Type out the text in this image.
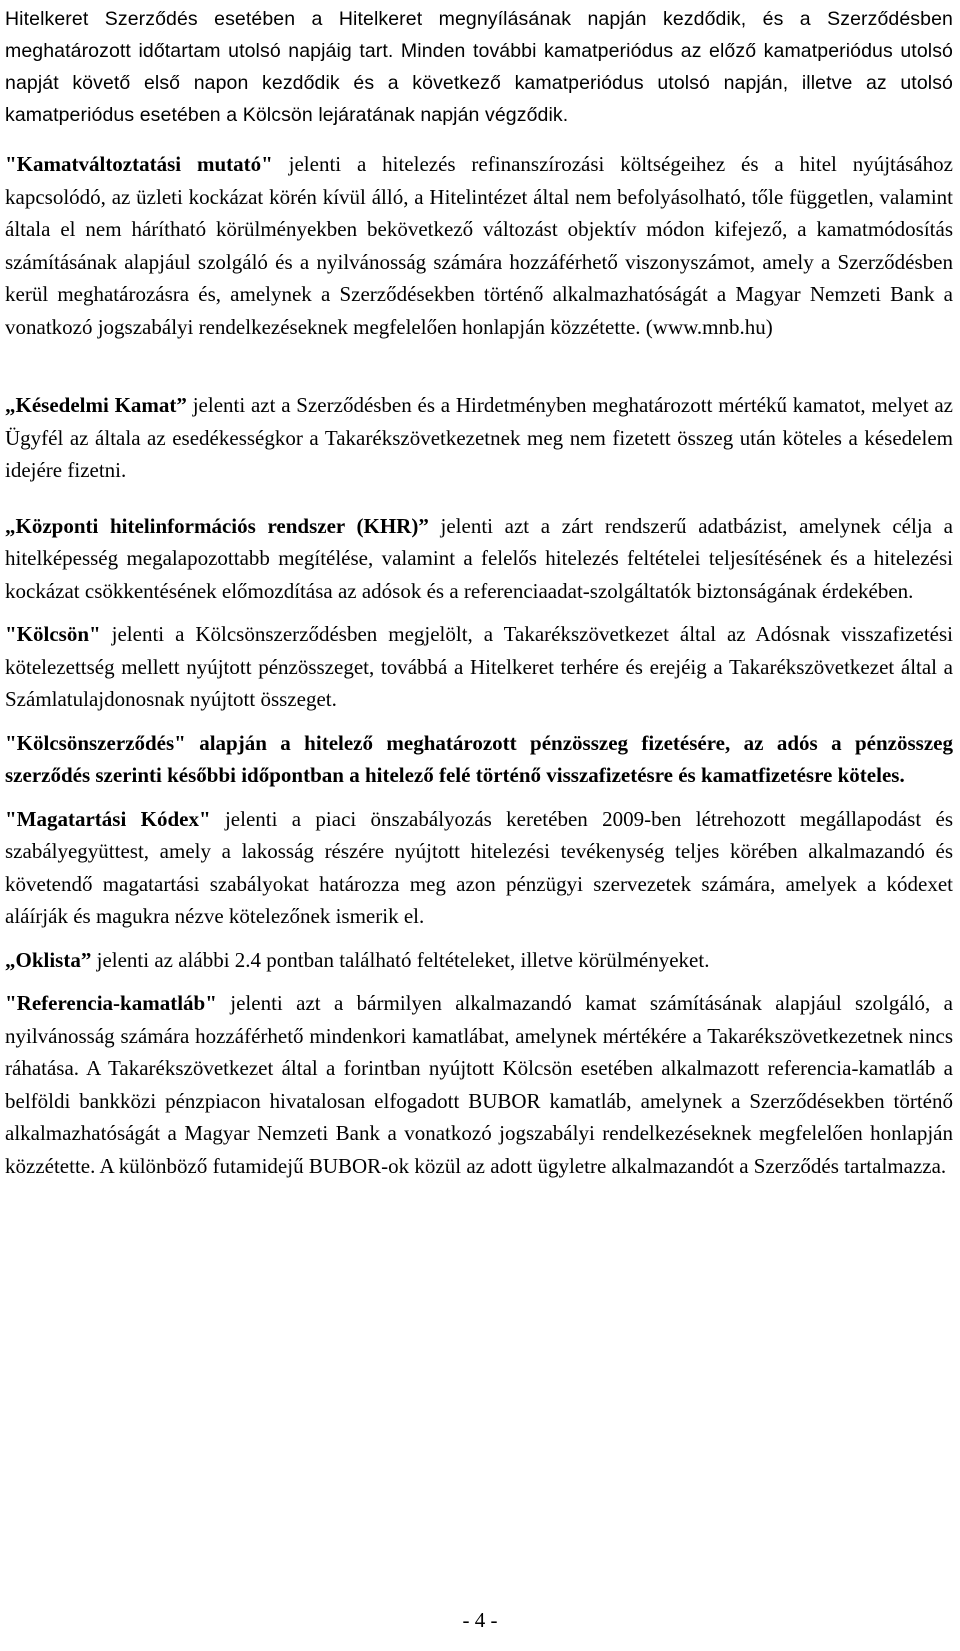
Hitelkeret Szerződés esetében a Hitelkeret megnyílásának napján kezdődik, és a Szerződésben meghatározott időtartam utolsó napjáig tart. Minden további kamatperiódus az előző kamatperiódus utolsó napját követő első napon kezdődik és a következő kamatperiódus utolsó napján, illetve az utolsó kamatperiódus esetében a Kölcsön lejáratának napján végződik.

"Kamatváltoztatási mutató" jelenti a hitelezés refinanszírozási költségeihez és a hitel nyújtásához kapcsolódó, az üzleti kockázat körén kívül álló, a Hitelintézet által nem befolyásolható, tőle független, valamint általa el nem hárítható körülményekben bekövetkező változást objektív módon kifejező, a kamatmódosítás számításának alapjául szolgáló és a nyilvánosság számára hozzáférhető viszonyszámot, amely a Szerződésben kerül meghatározásra és, amelynek a Szerződésekben történő alkalmazhatóságát a Magyar Nemzeti Bank a vonatkozó jogszabályi rendelkezéseknek megfelelően honlapján közzétette. (www.mnb.hu)

„Késedelmi Kamat” jelenti azt a Szerződésben és a Hirdetményben meghatározott mértékű kamatot, melyet az Ügyfél az általa az esedékességkor a Takarékszövetkezetnek meg nem fizetett összeg után köteles a késedelem idejére fizetni.

„Központi hitelinformációs rendszer (KHR)” jelenti azt a zárt rendszerű adatbázist, amelynek célja a hitelképesség megalapozottabb megítélése, valamint a felelős hitelezés feltételei teljesítésének és a hitelezési kockázat csökkentésének előmozdítása az adósok és a referenciaadat-szolgáltatók biztonságának érdekében.

"Kölcsön" jelenti a Kölcsönszerződésben megjelölt, a Takarékszövetkezet által az Adósnak visszafizetési kötelezettség mellett nyújtott pénzösszeget, továbbá a Hitelkeret terhére és erejéig a Takarékszövetkezet által a Számlatulajdonosnak nyújtott összeget.

"Kölcsönszerződés" alapján a hitelező meghatározott pénzösszeg fizetésére, az adós a pénzösszeg szerződés szerinti későbbi időpontban a hitelező felé történő visszafizetésre és kamatfizetésre köteles.

"Magatartási Kódex" jelenti a piaci önszabályozás keretében 2009-ben létrehozott megállapodást és szabályegyüttest, amely a lakosság részére nyújtott hitelezési tevékenység teljes körében alkalmazandó és követendő magatartási szabályokat határozza meg azon pénzügyi szervezetek számára, amelyek a kódexet aláírják és magukra nézve kötelezőnek ismerik el.

„Oklista” jelenti az alábbi 2.4 pontban található feltételeket, illetve körülményeket.

"Referencia-kamatláb" jelenti azt a bármilyen alkalmazandó kamat számításának alapjául szolgáló, a nyilvánosság számára hozzáférhető mindenkori kamatlábat, amelynek mértékére a Takarékszövetkezetnek nincs ráhatása. A Takarékszövetkezet által a forintban nyújtott Kölcsön esetében alkalmazott referencia-kamatláb a belföldi bankközi pénzpiacon hivatalosan elfogadott BUBOR kamatláb, amelynek a Szerződésekben történő alkalmazhatóságát a Magyar Nemzeti Bank a vonatkozó jogszabályi rendelkezéseknek megfelelően honlapján közzétette. A különböző futamidejű BUBOR-ok közül az adott ügyletre alkalmazandót a Szerződés tartalmazza.

- 4 -
